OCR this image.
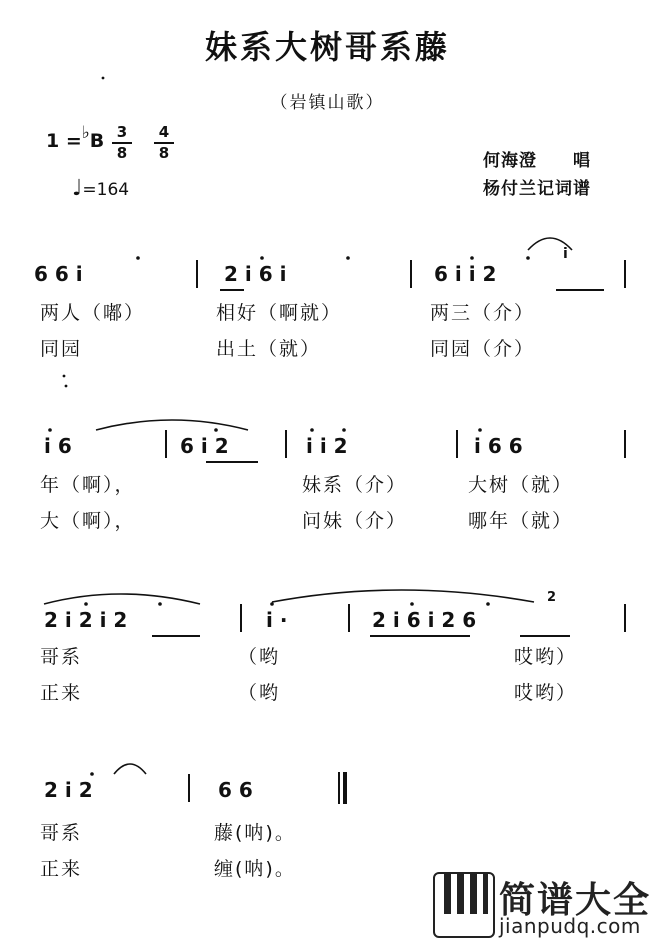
妹系大树哥系藤
（岩镇山歌）
1 =♭B 3
8
4
8
♩=164
何海澄　　唱
杨付兰记词谱
6 6 i	2 i 6 i	6 i i 2
i
两人（嘟）	相好（啊就）	两三（介）
同园	出土（就）	同园（介）
i 6	6 i 2	i i 2	i 6 6
年（啊），	妹系（介）	大树（就）
大（啊），	问妹（介）	哪年（就）
2 i 2 i 2	i ·	2 i 6 i 2 6
2
哥系	（哟	哎哟）
正来	（哟	哎哟）
2 i 2	6 6
哥系	藤(呐)。
正来	缠(呐)。
简谱大全
jianpudq.com
